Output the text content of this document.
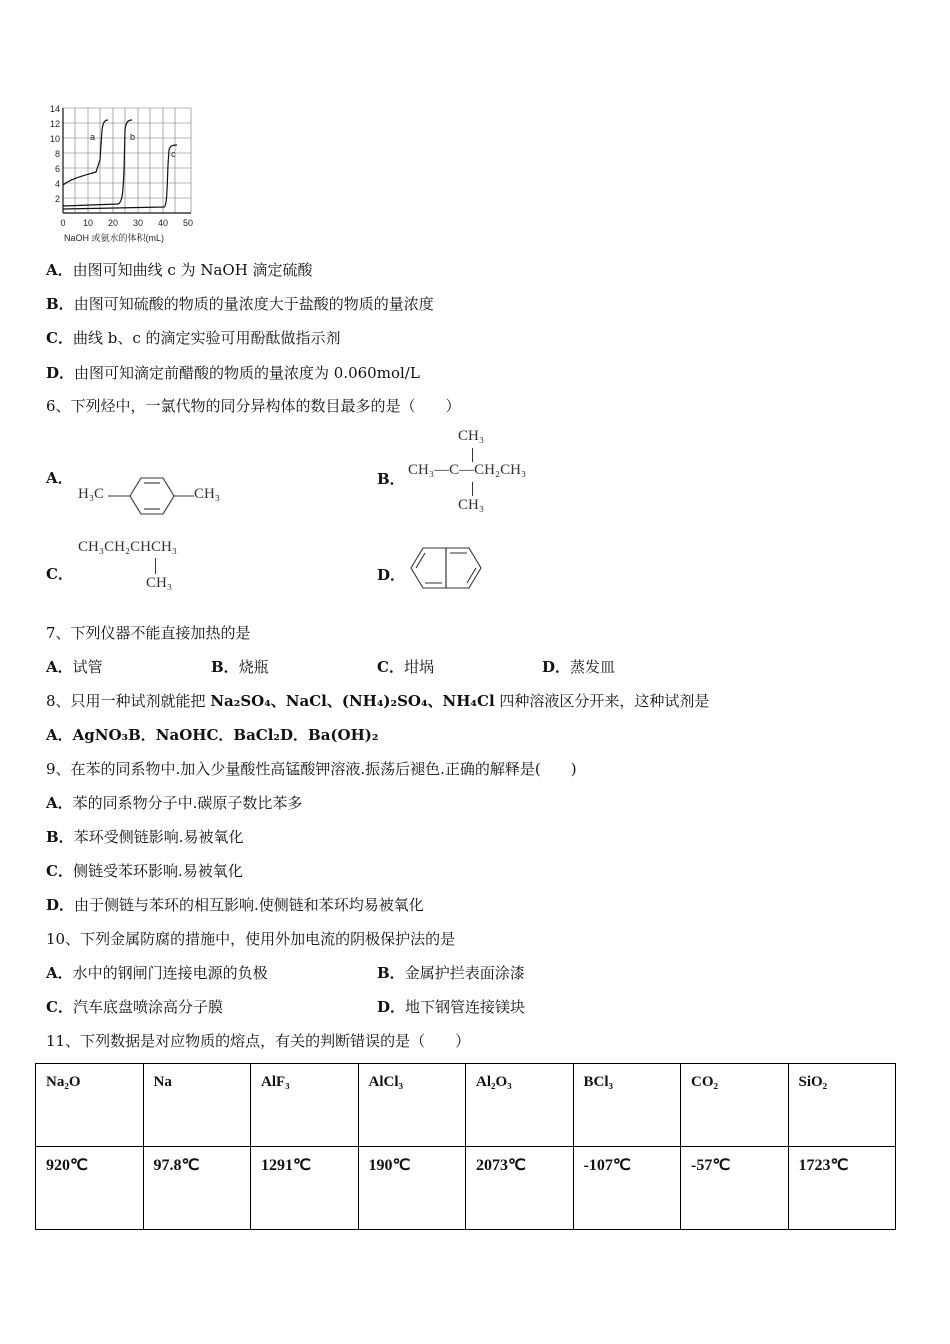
14
12
10
8
6
4
2
0 10 20 30 40 50
NaOH 或氨水的体积(mL)
a	b
c
A．由图可知曲线 c 为 NaOH 滴定硫酸
B．由图可知硫酸的物质的量浓度大于盐酸的物质的量浓度
C．曲线 b、c 的滴定实验可用酚酞做指示剂
D．由图可知滴定前醋酸的物质的量浓度为 0.060mol/L
6、下列烃中，一氯代物的同分异构体的数目最多的是（　　）
A．
H₃C	CH₃
B．
CH₃
CH₃—C—CH₂CH₃
CH₃
C．
CH₃CH₂CHCH₃
CH₃	D．
7、下列仪器不能直接加热的是
A．试管	B．烧瓶	C．坩埚	D．蒸发皿
8、只用一种试剂就能把 Na₂SO₄、NaCl、(NH₄)₂SO₄、NH₄Cl 四种溶液区分开来，这种试剂是
A．AgNO₃B．NaOHC．BaCl₂D．Ba(OH)₂
9、在苯的同系物中.加入少量酸性高锰酸钾溶液.振荡后褪色.正确的解释是(　　)
A．苯的同系物分子中.碳原子数比苯多
B．苯环受侧链影响.易被氧化
C．侧链受苯环影响.易被氧化
D．由于侧链与苯环的相互影响.使侧链和苯环均易被氧化
10、下列金属防腐的措施中，使用外加电流的阴极保护法的是
A．水中的钢闸门连接电源的负极	B．金属护拦表面涂漆
C．汽车底盘喷涂高分子膜	D．地下钢管连接镁块
11、下列数据是对应物质的熔点，有关的判断错误的是（　　）
Na₂O	Na	AlF₃	AlCl₃	Al₂O₃	BCl₃	CO₂	SiO₂
920℃	97.8℃	1291℃	190℃	2073℃	-107℃	-57℃	1723℃
